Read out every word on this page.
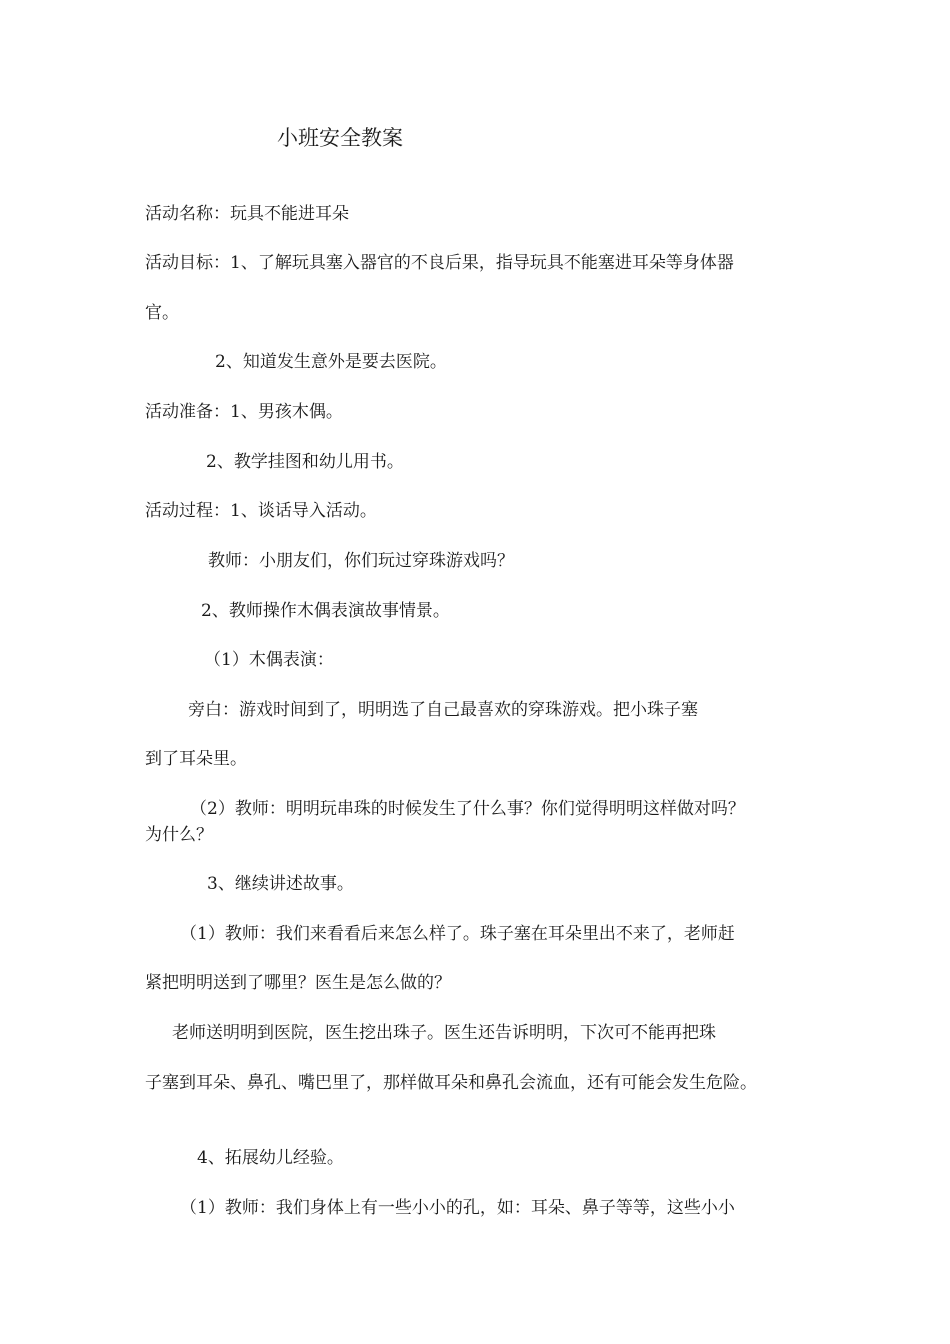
小班安全教案
活动名称：玩具不能进耳朵
活动目标：1、了解玩具塞入器官的不良后果，指导玩具不能塞进耳朵等身体器
官。
2、知道发生意外是要去医院。
活动准备：1、男孩木偶。
2、教学挂图和幼儿用书。
活动过程：1、谈话导入活动。
教师：小朋友们，你们玩过穿珠游戏吗？
2、教师操作木偶表演故事情景。
（1）木偶表演：
旁白：游戏时间到了，明明选了自己最喜欢的穿珠游戏。把小珠子塞
到了耳朵里。
（2）教师：明明玩串珠的时候发生了什么事？你们觉得明明这样做对吗？
为什么？
3、继续讲述故事。
（1）教师：我们来看看后来怎么样了。珠子塞在耳朵里出不来了，老师赶
紧把明明送到了哪里？医生是怎么做的？
老师送明明到医院，医生挖出珠子。医生还告诉明明，下次可不能再把珠
子塞到耳朵、鼻孔、嘴巴里了，那样做耳朵和鼻孔会流血，还有可能会发生危险。
4、拓展幼儿经验。
（1）教师：我们身体上有一些小小的孔，如：耳朵、鼻子等等，这些小小
